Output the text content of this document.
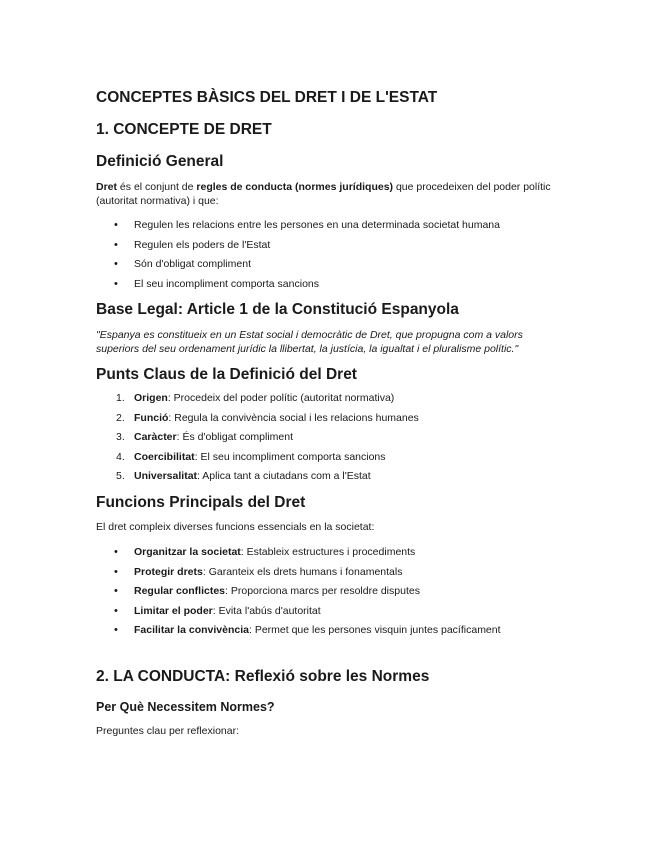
CONCEPTES BÀSICS DEL DRET I DE L'ESTAT
1. CONCEPTE DE DRET
Definició General

Dret és el conjunt de regles de conducta (normes jurídiques) que procedeixen del poder polític (autoritat normativa) i que:

• Regulen les relacions entre les persones en una determinada societat humana
• Regulen els poders de l'Estat
• Són d'obligat compliment
• El seu incompliment comporta sancions
Base Legal: Article 1 de la Constitució Espanyola

"Espanya es constitueix en un Estat social i democràtic de Dret, que propugna com a valors superiors del seu ordenament jurídic la llibertat, la justícia, la igualtat i el pluralisme polític."

Punts Claus de la Definició del Dret
1. Origen: Procedeix del poder polític (autoritat normativa)
2. Funció: Regula la convivència social i les relacions humanes
3. Caràcter: És d'obligat compliment
4. Coercibilitat: El seu incompliment comporta sancions
5. Universalitat: Aplica tant a ciutadans com a l'Estat
Funcions Principals del Dret

El dret compleix diverses funcions essencials en la societat:

• Organitzar la societat: Estableix estructures i procediments
• Protegir drets: Garanteix els drets humans i fonamentals
• Regular conflictes: Proporciona marcs per resoldre disputes
• Limitar el poder: Evita l'abús d'autoritat
• Facilitar la convivència: Permet que les persones visquin juntes pacíficament
2. LA CONDUCTA: Reflexió sobre les Normes
Per Què Necessitem Normes?

Preguntes clau per reflexionar:
